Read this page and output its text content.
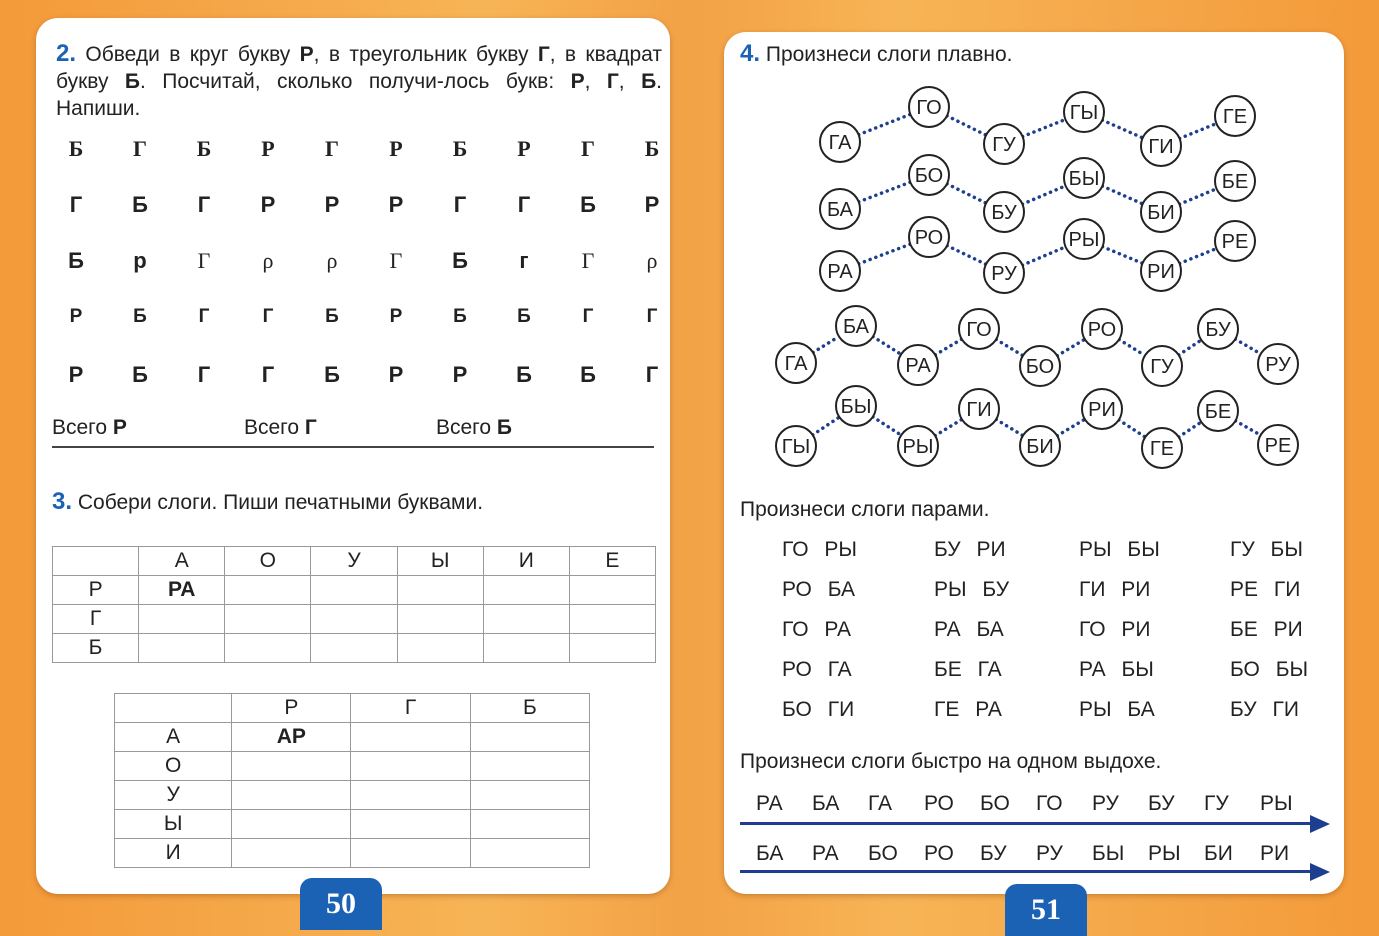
2. Обведи в круг букву Р, в треугольник букву Г, в квадрат букву Б. Посчитай, сколько получи-лось букв: Р, Г, Б. Напиши.
Б	Г	Б	Р	Г	Р	Б	Р	Г	Б
Г	Б	Г	Р	Р	Р	Г	Г	Б	Р
Б	р	Г	ρ	ρ	Г	Б	г	Г	ρ
Р	Б	Г	Г	Б	Р	Б	Б	Г	Г
Р	Б	Г	Г	Б	Р	Р	Б	Б	Г
Всего Р	Всего Г	Всего Б
3. Собери слоги. Пиши печатными буквами.
	А	О	У	Ы	И	Е
Р	РА					
Г						
Б						
	Р	Г	Б
А	АР		
О			
У			
Ы			
И			
50
4. Произнеси слоги плавно.
ГА
ГО
ГУ
ГЫ
ГИ
ГЕ
БА
БО
БУ
БЫ
БИ
БЕ
РА
РО
РУ
РЫ
РИ
РЕ
ГА
БА
РА
ГО
БО
РО
ГУ
БУ
РУ
ГЫ
БЫ
РЫ
ГИ
БИ
РИ
ГЕ
БЕ
РЕ
Произнеси слоги парами.
ГО РЫ	БУ РИ	РЫ БЫ	ГУ БЫ
РО БА	РЫ БУ	ГИ РИ	РЕ ГИ
ГО РА	РА БА	ГО РИ	БЕ РИ
РО ГА	БЕ ГА	РА БЫ	БО БЫ
БО ГИ	ГЕ РА	РЫ БА	БУ ГИ
Произнеси слоги быстро на одном выдохе.
РА БА ГА РО БО ГО РУ БУ ГУ РЫ
БА РА БО РО БУ РУ БЫ РЫ БИ РИ
51
